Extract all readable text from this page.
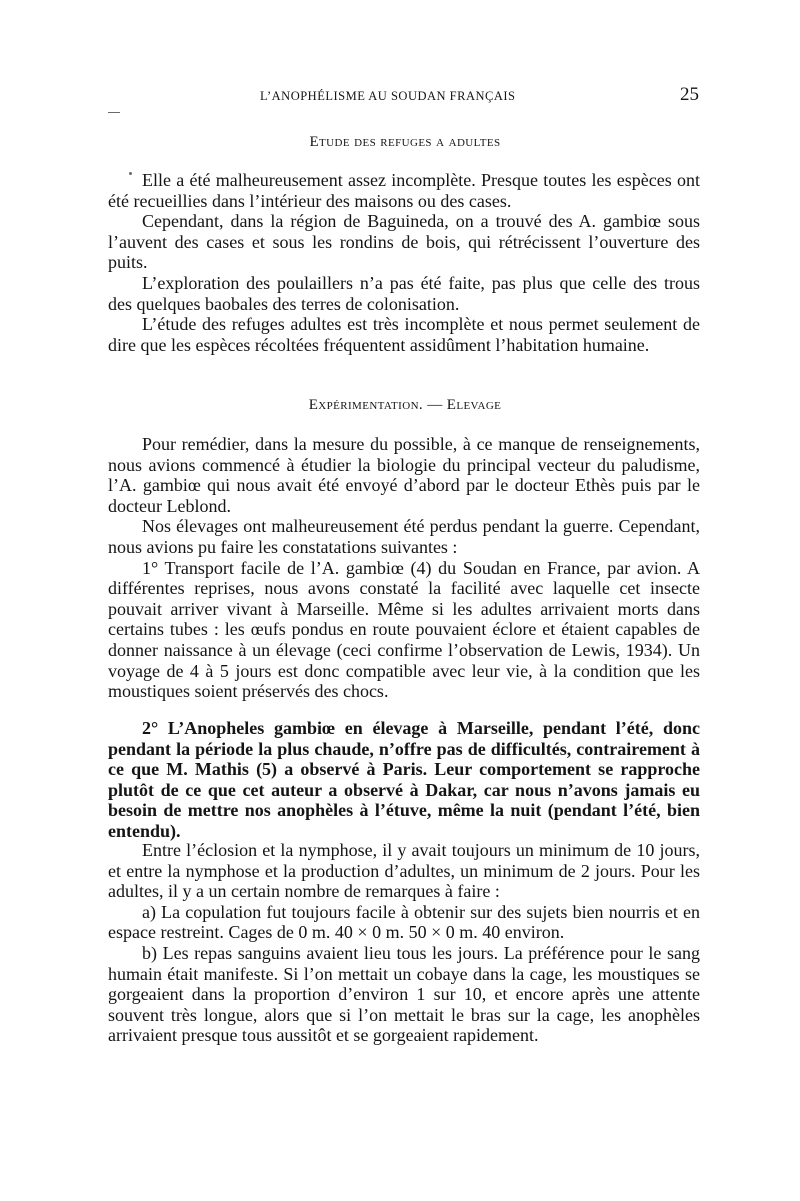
L’ANOPHÉLISME AU SOUDAN FRANÇAIS	25
Etude des refuges a adultes

Elle a été malheureusement assez incomplète. Presque toutes les espèces ont été recueillies dans l’intérieur des maisons ou des cases.

Cependant, dans la région de Baguineda, on a trouvé des A. gambiœ sous l’auvent des cases et sous les rondins de bois, qui rétrécissent l’ouverture des puits.

L’exploration des poulaillers n’a pas été faite, pas plus que celle des trous des quelques baobales des terres de colonisation.

L’étude des refuges adultes est très incomplète et nous permet seulement de dire que les espèces récoltées fréquentent assidûment l’habitation humaine.

Expérimentation. — Elevage

Pour remédier, dans la mesure du possible, à ce manque de renseignements, nous avions commencé à étudier la biologie du principal vecteur du paludisme, l’A. gambiœ qui nous avait été envoyé d’abord par le docteur Ethès puis par le docteur Leblond.

Nos élevages ont malheureusement été perdus pendant la guerre. Cependant, nous avions pu faire les constatations suivantes :

1° Transport facile de l’A. gambiœ (4) du Soudan en France, par avion. A différentes reprises, nous avons constaté la facilité avec laquelle cet insecte pouvait arriver vivant à Marseille. Même si les adultes arrivaient morts dans certains tubes : les œufs pondus en route pouvaient éclore et étaient capables de donner naissance à un élevage (ceci confirme l’observation de Lewis, 1934). Un voyage de 4 à 5 jours est donc compatible avec leur vie, à la condition que les moustiques soient préservés des chocs.

2° L’Anopheles gambiœ en élevage à Marseille, pendant l’été, donc pendant la période la plus chaude, n’offre pas de difficultés, contrairement à ce que M. Mathis (5) a observé à Paris. Leur comportement se rapproche plutôt de ce que cet auteur a observé à Dakar, car nous n’avons jamais eu besoin de mettre nos anophèles à l’étuve, même la nuit (pendant l’été, bien entendu).

Entre l’éclosion et la nymphose, il y avait toujours un minimum de 10 jours, et entre la nymphose et la production d’adultes, un minimum de 2 jours. Pour les adultes, il y a un certain nombre de remarques à faire :

a) La copulation fut toujours facile à obtenir sur des sujets bien nourris et en espace restreint. Cages de 0 m. 40 × 0 m. 50 × 0 m. 40 environ.

b) Les repas sanguins avaient lieu tous les jours. La préférence pour le sang humain était manifeste. Si l’on mettait un cobaye dans la cage, les moustiques se gorgeaient dans la proportion d’environ 1 sur 10, et encore après une attente souvent très longue, alors que si l’on mettait le bras sur la cage, les anophèles arrivaient presque tous aussitôt et se gorgeaient rapidement.
